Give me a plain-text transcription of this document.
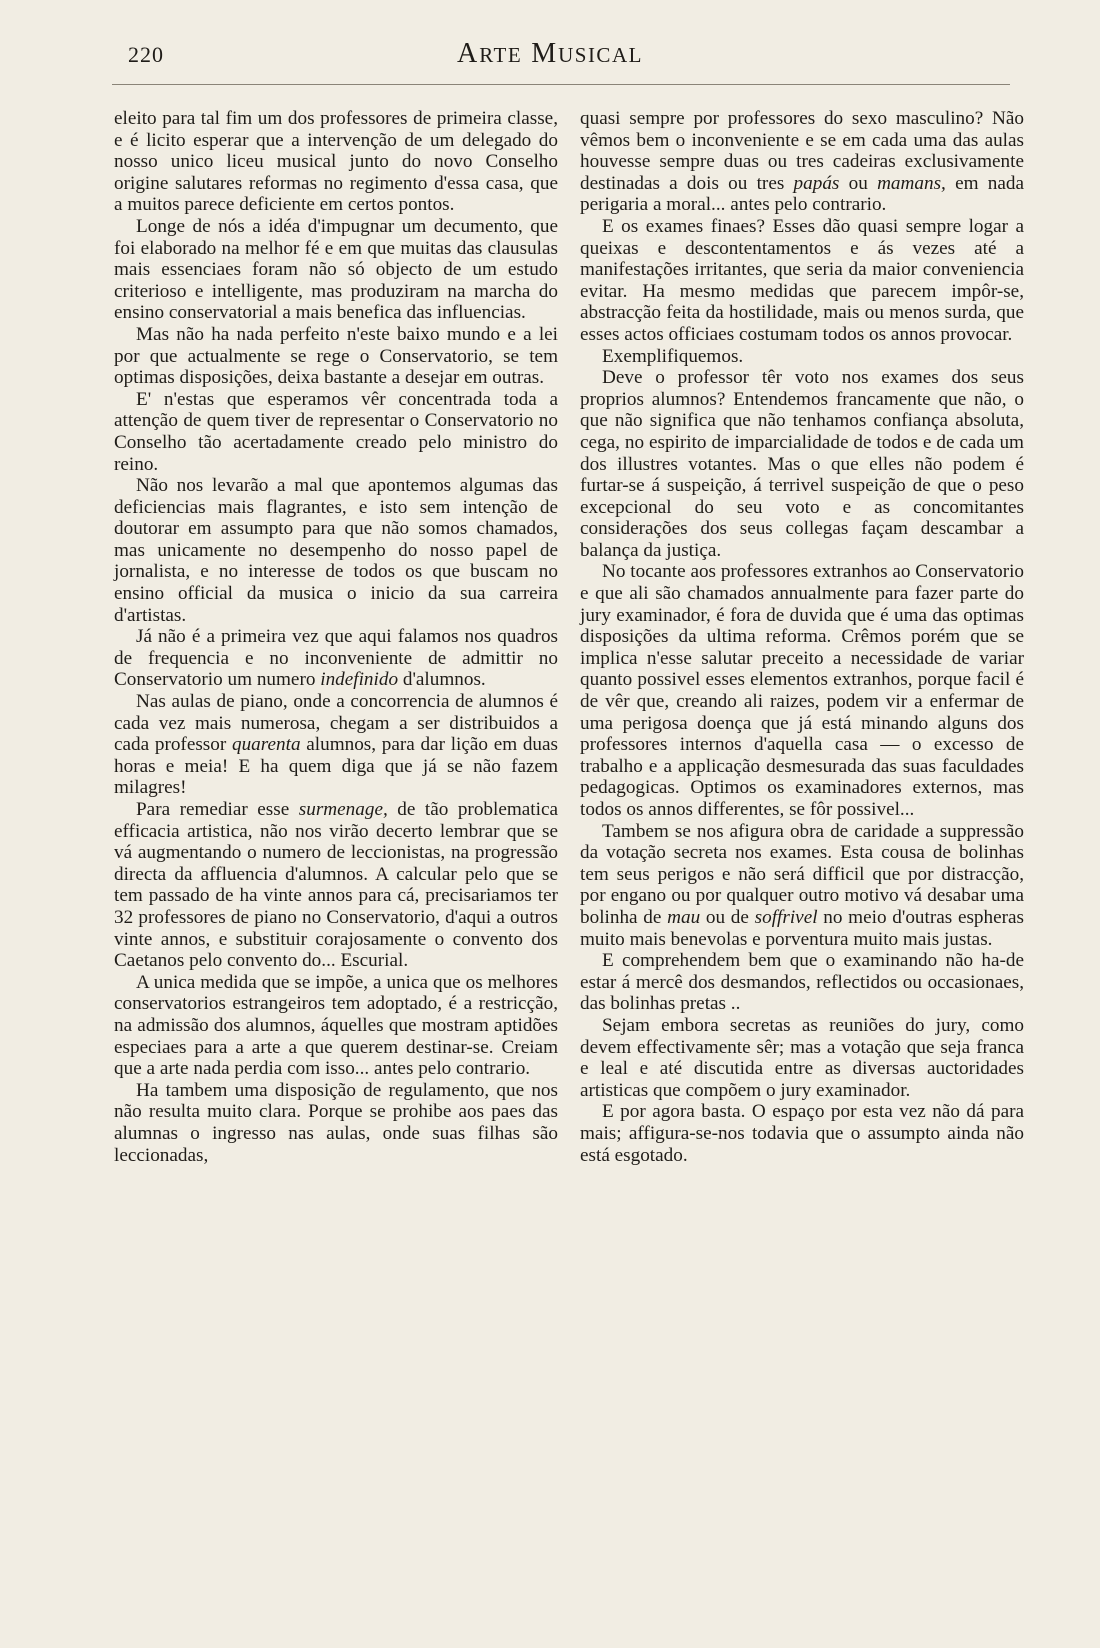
220	ARTE MUSICAL

eleito para tal fim um dos professores de primeira classe, e é licito esperar que a intervenção de um delegado do nosso unico liceu musical junto do novo Conselho origine salutares reformas no regimento d'essa casa, que a muitos parece deficiente em certos pontos.

Longe de nós a idéa d'impugnar um decumento, que foi elaborado na melhor fé e em que muitas das clausulas mais essenciaes foram não só objecto de um estudo criterioso e intelligente, mas produziram na marcha do ensino conservatorial a mais benefica das influencias.

Mas não ha nada perfeito n'este baixo mundo e a lei por que actualmente se rege o Conservatorio, se tem optimas disposições, deixa bastante a desejar em outras.

E' n'estas que esperamos vêr concentrada toda a attenção de quem tiver de representar o Conservatorio no Conselho tão acertadamente creado pelo ministro do reino.

Não nos levarão a mal que apontemos algumas das deficiencias mais flagrantes, e isto sem intenção de doutorar em assumpto para que não somos chamados, mas unicamente no desempenho do nosso papel de jornalista, e no interesse de todos os que buscam no ensino official da musica o inicio da sua carreira d'artistas.

Já não é a primeira vez que aqui falamos nos quadros de frequencia e no inconveniente de admittir no Conservatorio um numero indefinido d'alumnos.

Nas aulas de piano, onde a concorrencia de alumnos é cada vez mais numerosa, chegam a ser distribuidos a cada professor quarenta alumnos, para dar lição em duas horas e meia! E ha quem diga que já se não fazem milagres!

Para remediar esse surmenage, de tão problematica efficacia artistica, não nos virão decerto lembrar que se vá augmentando o numero de leccionistas, na progressão directa da affluencia d'alumnos. A calcular pelo que se tem passado de ha vinte annos para cá, precisariamos ter 32 professores de piano no Conservatorio, d'aqui a outros vinte annos, e substituir corajosamente o convento dos Caetanos pelo convento do... Escurial.

A unica medida que se impõe, a unica que os melhores conservatorios estrangeiros tem adoptado, é a restricção, na admissão dos alumnos, áquelles que mostram aptidões especiaes para a arte a que querem destinar-se. Creiam que a arte nada perdia com isso... antes pelo contrario.

Ha tambem uma disposição de regulamento, que nos não resulta muito clara. Porque se prohibe aos paes das alumnas o ingresso nas aulas, onde suas filhas são leccionadas,

quasi sempre por professores do sexo masculino? Não vêmos bem o inconveniente e se em cada uma das aulas houvesse sempre duas ou tres cadeiras exclusivamente destinadas a dois ou tres papás ou mamans, em nada perigaria a moral... antes pelo contrario.

E os exames finaes? Esses dão quasi sempre logar a queixas e descontentamentos e ás vezes até a manifestações irritantes, que seria da maior conveniencia evitar. Ha mesmo medidas que parecem impôr-se, abstracção feita da hostilidade, mais ou menos surda, que esses actos officiaes costumam todos os annos provocar.

Exemplifiquemos.

Deve o professor têr voto nos exames dos seus proprios alumnos? Entendemos francamente que não, o que não significa que não tenhamos confiança absoluta, cega, no espirito de imparcialidade de todos e de cada um dos illustres votantes. Mas o que elles não podem é furtar-se á suspeição, á terrivel suspeição de que o peso excepcional do seu voto e as concomitantes considerações dos seus collegas façam descambar a balança da justiça.

No tocante aos professores extranhos ao Conservatorio e que ali são chamados annualmente para fazer parte do jury examinador, é fora de duvida que é uma das optimas disposições da ultima reforma. Crêmos porém que se implica n'esse salutar preceito a necessidade de variar quanto possivel esses elementos extranhos, porque facil é de vêr que, creando ali raizes, podem vir a enfermar de uma perigosa doença que já está minando alguns dos professores internos d'aquella casa — o excesso de trabalho e a applicação desmesurada das suas faculdades pedagogicas. Optimos os examinadores externos, mas todos os annos differentes, se fôr possivel...

Tambem se nos afigura obra de caridade a suppressão da votação secreta nos exames. Esta cousa de bolinhas tem seus perigos e não será difficil que por distracção, por engano ou por qualquer outro motivo vá desabar uma bolinha de mau ou de soffrivel no meio d'outras espheras muito mais benevolas e porventura muito mais justas.

E comprehendem bem que o examinando não ha-de estar á mercê dos desmandos, reflectidos ou occasionaes, das bolinhas pretas ..

Sejam embora secretas as reuniões do jury, como devem effectivamente sêr; mas a votação que seja franca e leal e até discutida entre as diversas auctoridades artisticas que compõem o jury examinador.

E por agora basta. O espaço por esta vez não dá para mais; affigura-se-nos todavia que o assumpto ainda não está esgotado.
